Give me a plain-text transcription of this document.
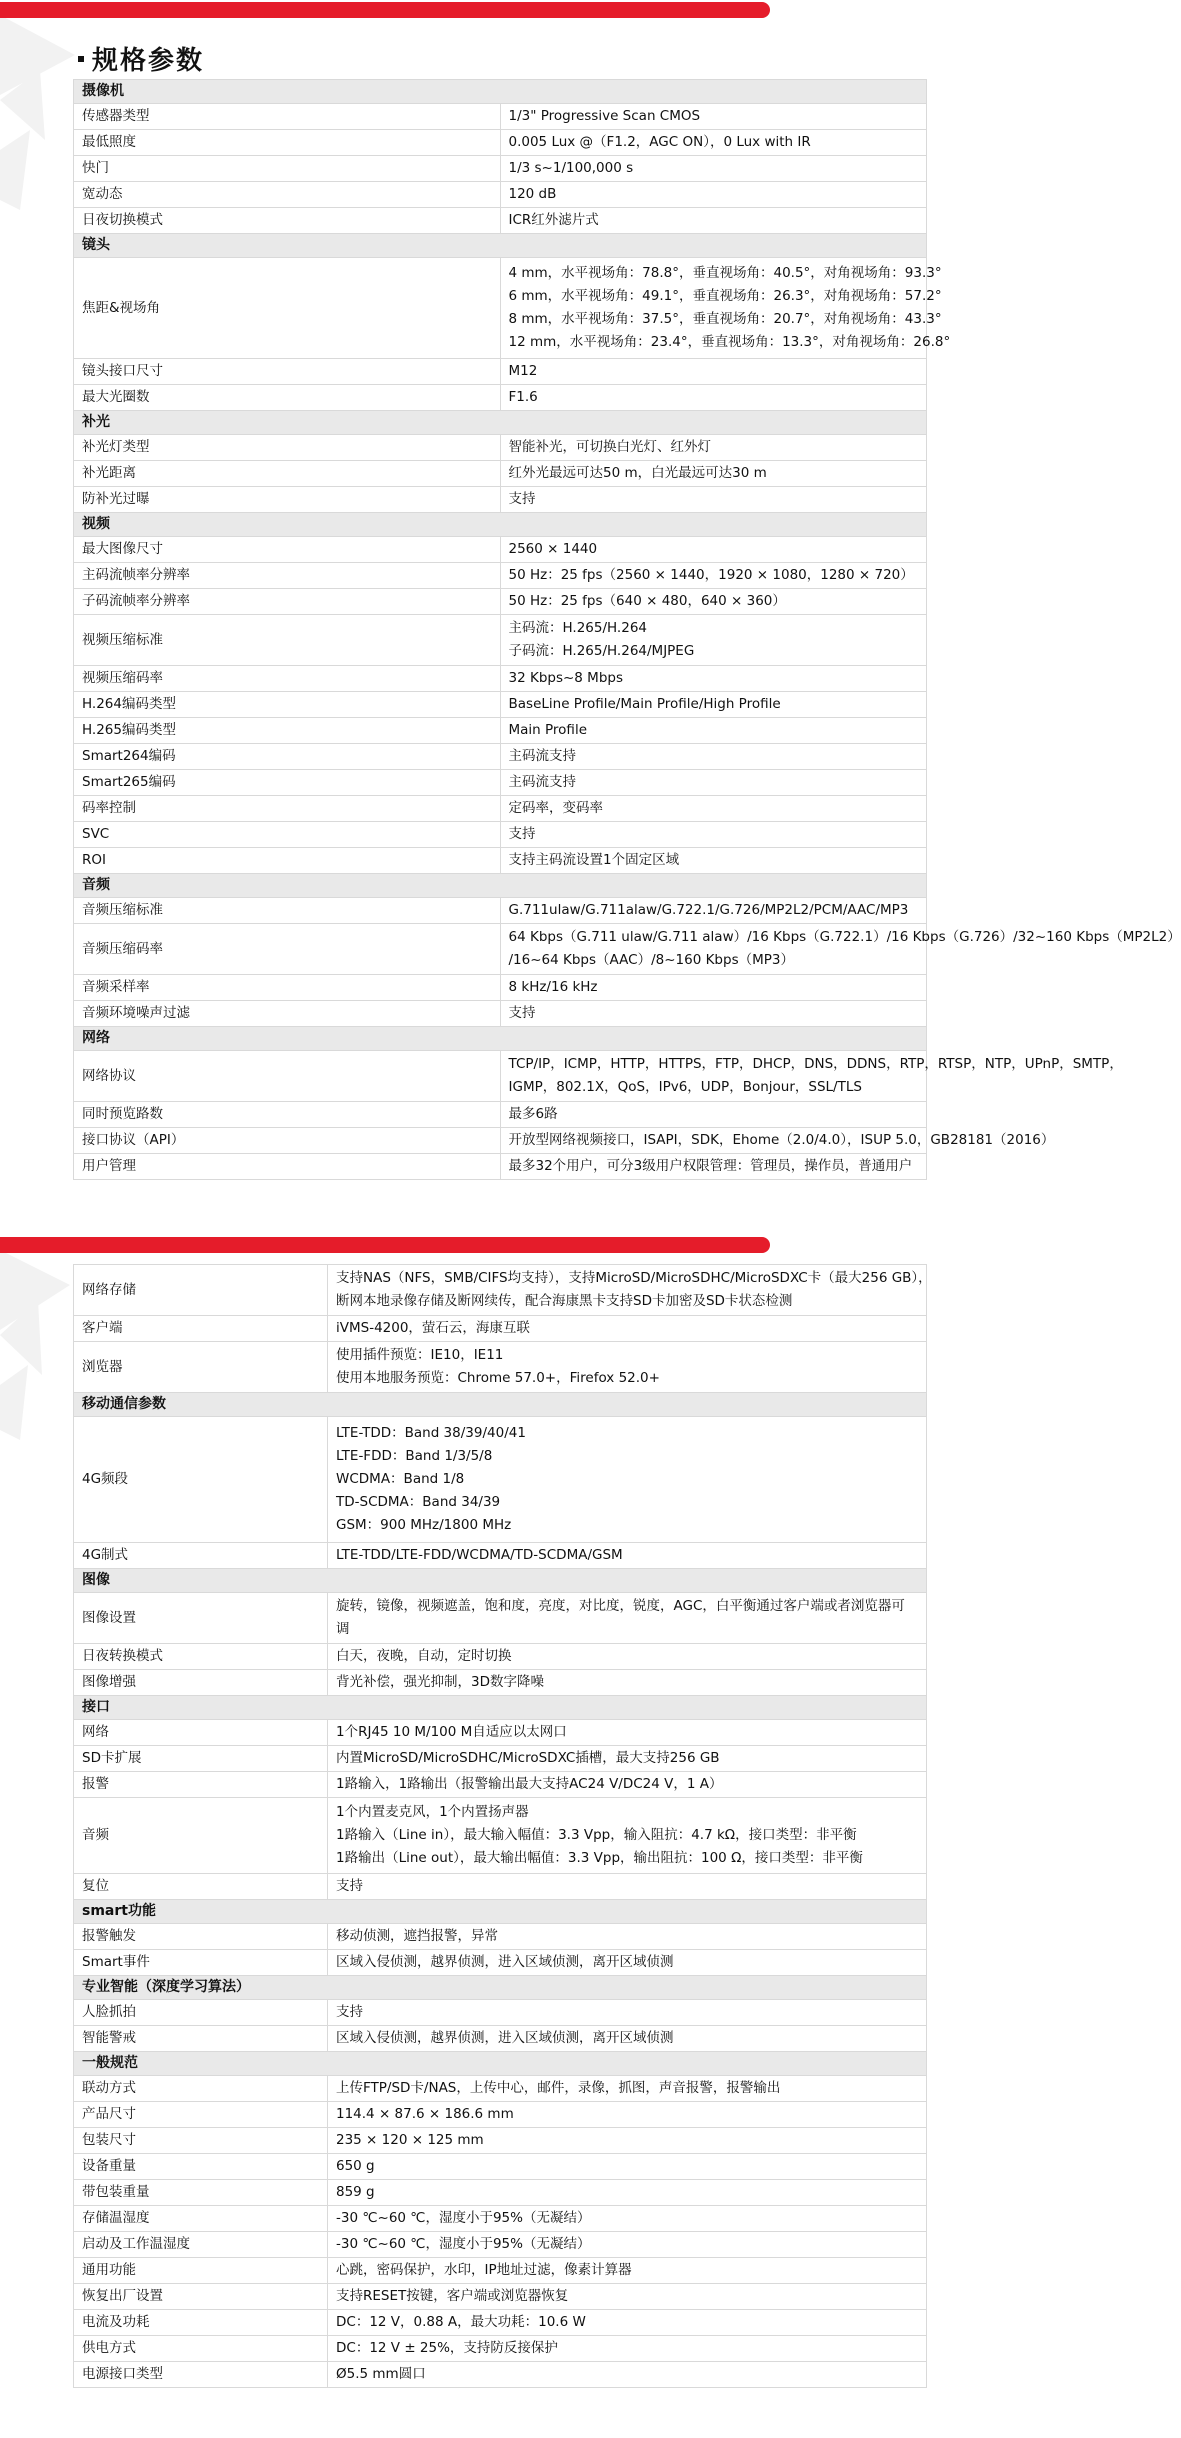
规格参数
摄像机	
传感器类型	1/3" Progressive Scan CMOS

最低照度	0.005 Lux @（F1.2，AGC ON），0 Lux with IR

快门	1/3 s~1/100,000 s

宽动态	120 dB

日夜切换模式	ICR红外滤片式

镜头	
焦距&视场角	4 mm，水平视场角：78.8°，垂直视场角：40.5°，对角视场角：93.3°
6 mm，水平视场角：49.1°，垂直视场角：26.3°，对角视场角：57.2°
8 mm，水平视场角：37.5°，垂直视场角：20.7°，对角视场角：43.3°
12 mm，水平视场角：23.4°，垂直视场角：13.3°，对角视场角：26.8°

镜头接口尺寸	M12

最大光圈数	F1.6

补光	
补光灯类型	智能补光，可切换白光灯、红外灯

补光距离	红外光最远可达50 m，白光最远可达30 m

防补光过曝	支持

视频	
最大图像尺寸	2560 × 1440

主码流帧率分辨率	50 Hz：25 fps（2560 × 1440，1920 × 1080，1280 × 720）

子码流帧率分辨率	50 Hz：25 fps（640 × 480，640 × 360）

视频压缩标准	主码流：H.265/H.264
子码流：H.265/H.264/MJPEG

视频压缩码率	32 Kbps~8 Mbps

H.264编码类型	BaseLine Profile/Main Profile/High Profile

H.265编码类型	Main Profile

Smart264编码	主码流支持

Smart265编码	主码流支持

码率控制	定码率，变码率

SVC	支持

ROI	支持主码流设置1个固定区域

音频	
音频压缩标准	G.711ulaw/G.711alaw/G.722.1/G.726/MP2L2/PCM/AAC/MP3

音频压缩码率	64 Kbps（G.711 ulaw/G.711 alaw）/16 Kbps（G.722.1）/16 Kbps（G.726）/32~160 Kbps（MP2L2）
/16~64 Kbps（AAC）/8~160 Kbps（MP3）

音频采样率	8 kHz/16 kHz

音频环境噪声过滤	支持

网络	
网络协议	TCP/IP，ICMP，HTTP，HTTPS，FTP，DHCP，DNS，DDNS，RTP，RTSP，NTP，UPnP，SMTP，
IGMP，802.1X，QoS，IPv6，UDP，Bonjour，SSL/TLS

同时预览路数	最多6路

接口协议（API）	开放型网络视频接口，ISAPI，SDK，Ehome（2.0/4.0），ISUP 5.0，GB28181（2016）

用户管理	最多32个用户，可分3级用户权限管理：管理员，操作员，普通用户
网络存储	支持NAS（NFS，SMB/CIFS均支持），支持MicroSD/MicroSDHC/MicroSDXC卡（最大256 GB），
断网本地录像存储及断网续传，配合海康黑卡支持SD卡加密及SD卡状态检测

客户端	iVMS-4200，萤石云，海康互联

浏览器	使用插件预览：IE10，IE11
使用本地服务预览：Chrome 57.0+，Firefox 52.0+

移动通信参数	
4G频段	LTE-TDD：Band 38/39/40/41
LTE-FDD：Band 1/3/5/8
WCDMA：Band 1/8
TD-SCDMA：Band 34/39
GSM：900 MHz/1800 MHz

4G制式	LTE-TDD/LTE-FDD/WCDMA/TD-SCDMA/GSM

图像	
图像设置	旋转，镜像，视频遮盖，饱和度，亮度，对比度，锐度，AGC，白平衡通过客户端或者浏览器可调

日夜转换模式	白天，夜晚，自动，定时切换

图像增强	背光补偿，强光抑制，3D数字降噪

接口	
网络	1个RJ45 10 M/100 M自适应以太网口

SD卡扩展	内置MicroSD/MicroSDHC/MicroSDXC插槽，最大支持256 GB

报警	1路输入，1路输出（报警输出最大支持AC24 V/DC24 V，1 A）

音频	1个内置麦克风，1个内置扬声器
1路输入（Line in），最大输入幅值：3.3 Vpp，输入阻抗：4.7 kΩ，接口类型：非平衡
1路输出（Line out），最大输出幅值：3.3 Vpp，输出阻抗：100 Ω，接口类型：非平衡

复位	支持

smart功能	
报警触发	移动侦测，遮挡报警，异常

Smart事件	区域入侵侦测，越界侦测，进入区域侦测，离开区域侦测

专业智能（深度学习算法）	
人脸抓拍	支持

智能警戒	区域入侵侦测，越界侦测，进入区域侦测，离开区域侦测

一般规范	
联动方式	上传FTP/SD卡/NAS，上传中心，邮件，录像，抓图，声音报警，报警输出

产品尺寸	114.4 × 87.6 × 186.6 mm

包装尺寸	235 × 120 × 125 mm

设备重量	650 g

带包装重量	859 g

存储温湿度	-30 ℃~60 ℃，湿度小于95%（无凝结）

启动及工作温湿度	-30 ℃~60 ℃，湿度小于95%（无凝结）

通用功能	心跳，密码保护，水印，IP地址过滤，像素计算器

恢复出厂设置	支持RESET按键，客户端或浏览器恢复

电流及功耗	DC：12 V，0.88 A，最大功耗：10.6 W

供电方式	DC：12 V ± 25%，支持防反接保护

电源接口类型	Ø5.5 mm圆口
